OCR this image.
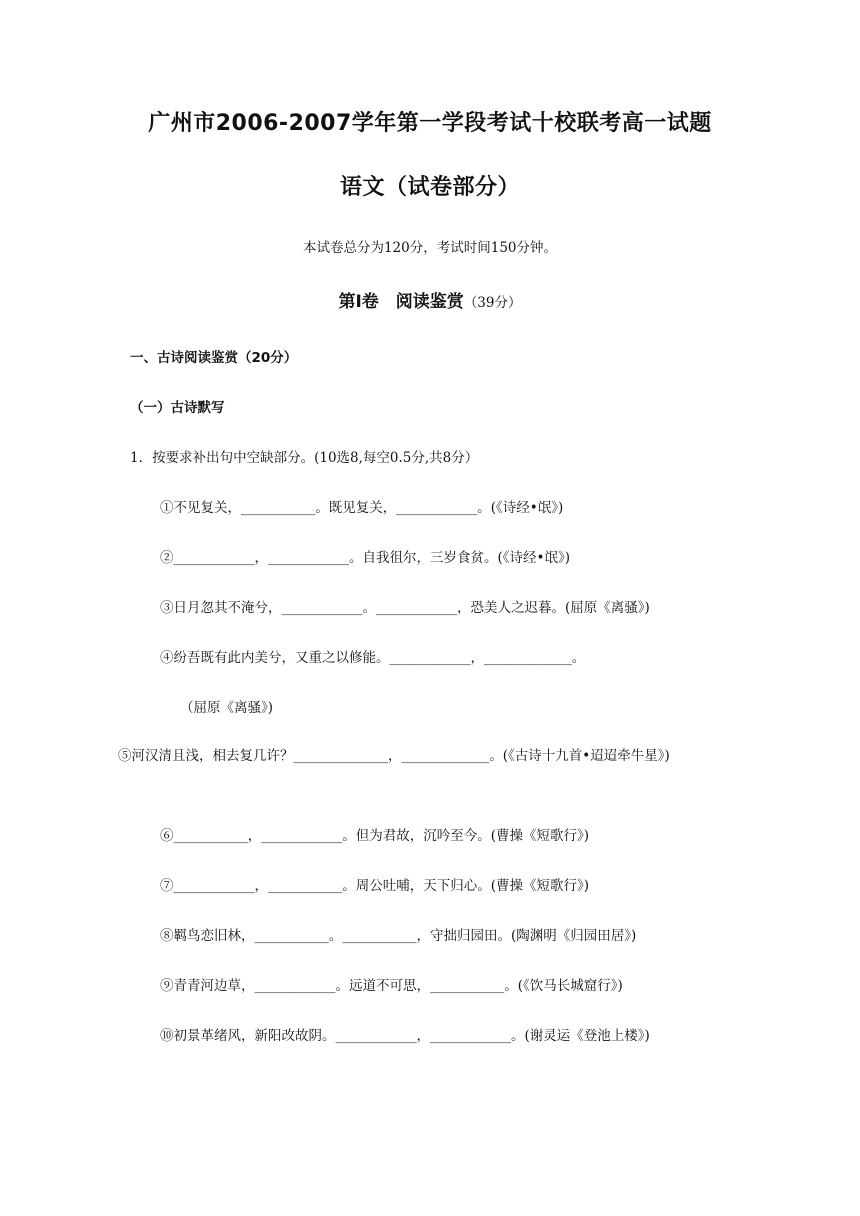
广州市2006-2007学年第一学段考试十校联考高一试题
语文（试卷部分）
本试卷总分为120分，考试时间150分钟。
第Ⅰ卷　阅读鉴赏（39分）
一、古诗阅读鉴赏（20分）
（一）古诗默写
1．按要求补出句中空缺部分。(10选8,每空0.5分,共8分）
①不见复关，___________。既见复关，____________。(《诗经•氓》)
②____________，____________。自我徂尔，三岁食贫。(《诗经•氓》)
③日月忽其不淹兮，____________。____________，恐美人之迟暮。(屈原《离骚》)
④纷吾既有此内美兮，又重之以修能。____________，_____________。
（屈原《离骚》)
⑤河汉清且浅，相去复几许？______________，_____________。(《古诗十九首•迢迢牵牛星》)
⑥___________，____________。但为君故，沉吟至今。(曹操《短歌行》)
⑦____________，___________。周公吐哺，天下归心。(曹操《短歌行》)
⑧羁鸟恋旧林，___________。___________，守拙归园田。(陶渊明《归园田居》)
⑨青青河边草，____________。远道不可思，___________。(《饮马长城窟行》)
⑩初景革绪风，新阳改故阴。____________，____________。(谢灵运《登池上楼》)
